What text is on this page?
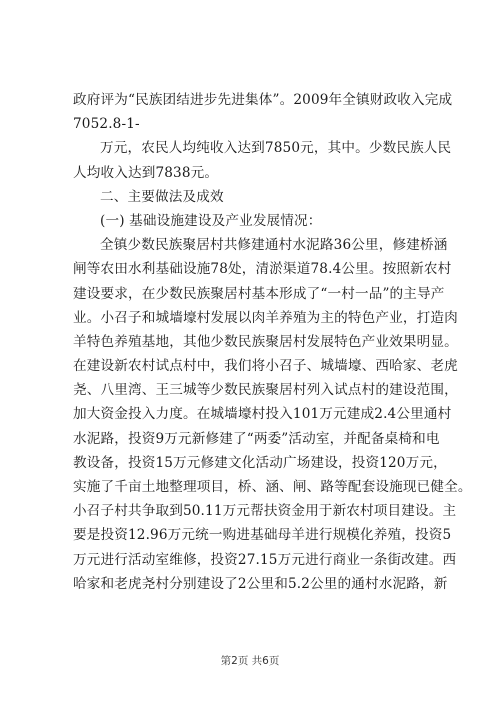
政府评为“民族团结进步先进集体”。2009年全镇财政收入完成
7052.8-1-
万元，农民人均纯收入达到7850元，其中。少数民族人民
人均收入达到7838元。
二、主要做法及成效
(一) 基础设施建设及产业发展情况：
全镇少数民族聚居村共修建通村水泥路36公里，修建桥涵
闸等农田水利基础设施78处，清淤渠道78.4公里。按照新农村
建设要求，在少数民族聚居村基本形成了“一村一品”的主导产
业。小召子和城墙壕村发展以肉羊养殖为主的特色产业，打造肉
羊特色养殖基地，其他少数民族聚居村发展特色产业效果明显。
在建设新农村试点村中，我们将小召子、城墙壕、西哈家、老虎
尧、八里湾、王三城等少数民族聚居村列入试点村的建设范围，
加大资金投入力度。在城墙壕村投入101万元建成2.4公里通村
水泥路，投资9万元新修建了“两委”活动室，并配备桌椅和电
教设备，投资15万元修建文化活动广场建设，投资120万元，
实施了千亩土地整理项目，桥、涵、闸、路等配套设施现已健全。
小召子村共争取到50.11万元帮扶资金用于新农村项目建设。主
要是投资12.96万元统一购进基础母羊进行规模化养殖，投资5
万元进行活动室维修，投资27.15万元进行商业一条街改建。西
哈家和老虎尧村分别建设了2公里和5.2公里的通村水泥路，新
第2页 共6页
